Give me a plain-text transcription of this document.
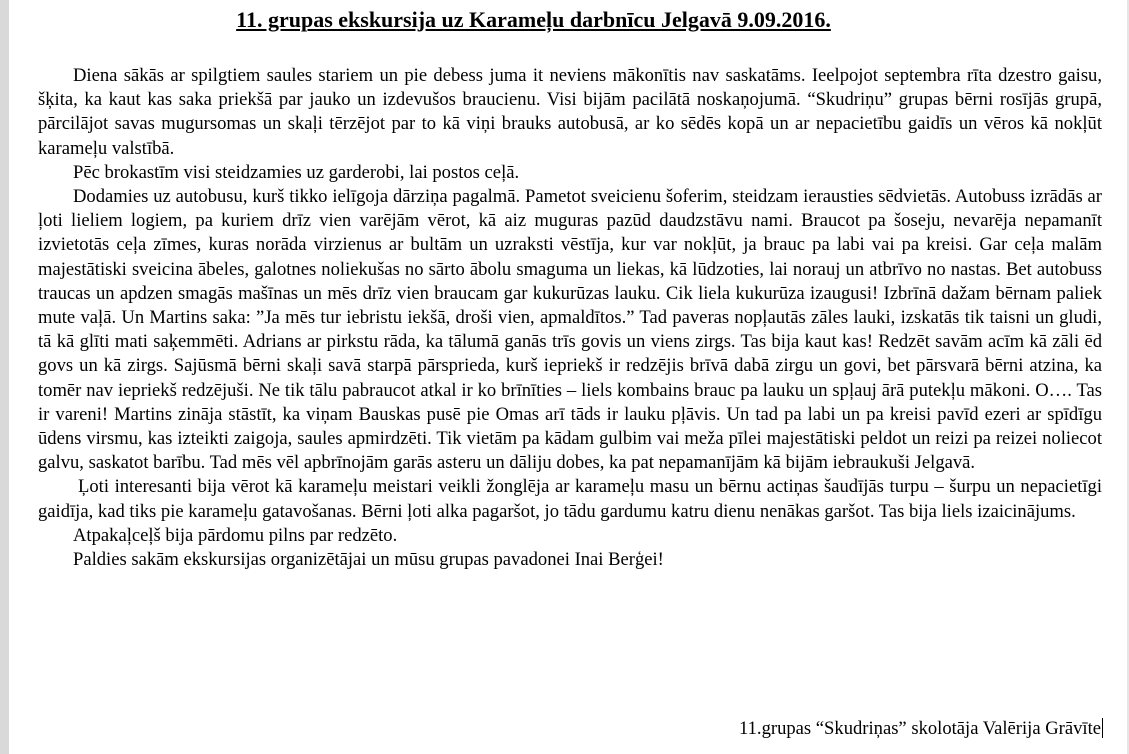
11. grupas ekskursija uz Karameļu darbnīcu Jelgavā 9.09.2016.

Diena sākās ar spilgtiem saules stariem un pie debess juma it neviens mākonītis nav saskatāms. Ieelpojot septembra rīta dzestro gaisu, šķita, ka kaut kas saka priekšā par jauko un izdevušos braucienu. Visi bijām pacilātā noskaņojumā. “Skudriņu” grupas bērni rosījās grupā, pārcilājot savas mugursomas un skaļi tērzējot par to kā viņi brauks autobusā, ar ko sēdēs kopā un ar nepacietību gaidīs un vēros kā nokļūt karameļu valstībā.

Pēc brokastīm visi steidzamies uz garderobi, lai postos ceļā.

Dodamies uz autobusu, kurš tikko ielīgoja dārziņa pagalmā. Pametot sveicienu šoferim, steidzam ierausties sēdvietās. Autobuss izrādās ar ļoti lieliem logiem, pa kuriem drīz vien varējām vērot, kā aiz muguras pazūd daudzstāvu nami. Braucot pa šoseju, nevarēja nepamanīt izvietotās ceļa zīmes, kuras norāda virzienus ar bultām un uzraksti vēstīja, kur var nokļūt, ja brauc pa labi vai pa kreisi. Gar ceļa malām majestātiski sveicina ābeles, galotnes noliekušas no sārto ābolu smaguma un liekas, kā lūdzoties, lai norauj un atbrīvo no nastas. Bet autobuss traucas un apdzen smagās mašīnas un mēs drīz vien braucam gar kukurūzas lauku. Cik liela kukurūza izaugusi! Izbrīnā dažam bērnam paliek mute vaļā. Un Martins saka: ”Ja mēs tur iebristu iekšā, droši vien, apmaldītos.” Tad paveras nopļautās zāles lauki, izskatās tik taisni un gludi, tā kā glīti mati saķemmēti. Adrians ar pirkstu rāda, ka tālumā ganās trīs govis un viens zirgs. Tas bija kaut kas! Redzēt savām acīm kā zāli ēd govs un kā zirgs. Sajūsmā bērni skaļi savā starpā pārsprieda, kurš iepriekš ir redzējis brīvā dabā zirgu un govi, bet pārsvarā bērni atzina, ka tomēr nav iepriekš redzējuši. Ne tik tālu pabraucot atkal ir ko brīnīties – liels kombains brauc pa lauku un spļauj ārā putekļu mākoni. O…. Tas ir vareni! Martins zināja stāstīt, ka viņam Bauskas pusē pie Omas arī tāds ir lauku pļāvis. Un tad pa labi un pa kreisi pavīd ezeri ar spīdīgu ūdens virsmu, kas izteikti zaigoja, saules apmirdzēti. Tik vietām pa kādam gulbim vai meža pīlei majestātiski peldot un reizi pa reizei noliecot galvu, saskatot barību. Tad mēs vēl apbrīnojām garās asteru un dāliju dobes, ka pat nepamanījām kā bijām iebraukuši Jelgavā.

Ļoti interesanti bija vērot kā karameļu meistari veikli žonglēja ar karameļu masu un bērnu actiņas šaudījās turpu – šurpu un nepacietīgi gaidīja, kad tiks pie karameļu gatavošanas. Bērni ļoti alka pagaršot, jo tādu gardumu katru dienu nenākas garšot. Tas bija liels izaicinājums.

Atpakaļceļš bija pārdomu pilns par redzēto.

Paldies sakām ekskursijas organizētājai un mūsu grupas pavadonei Inai Berģei!

11.grupas “Skudriņas” skolotāja Valērija Grāvīte
